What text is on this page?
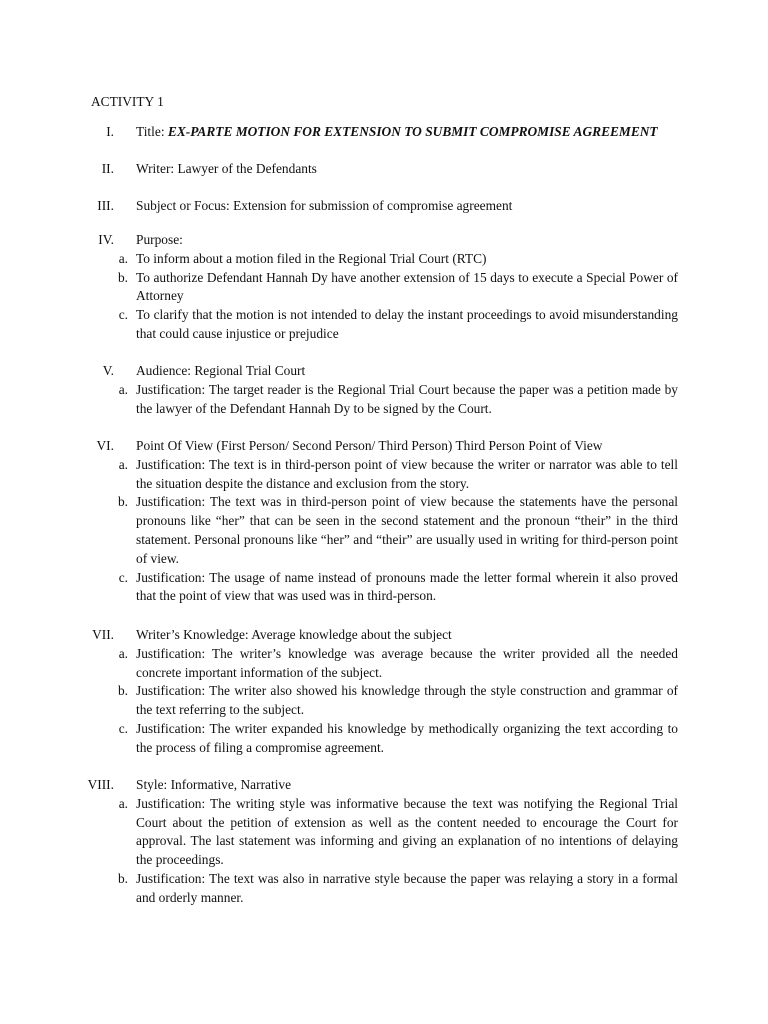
ACTIVITY 1
I. Title: EX-PARTE MOTION FOR EXTENSION TO SUBMIT COMPROMISE AGREEMENT
II. Writer: Lawyer of the Defendants
III. Subject or Focus: Extension for submission of compromise agreement
IV. Purpose:
a. To inform about a motion filed in the Regional Trial Court (RTC)
b. To authorize Defendant Hannah Dy have another extension of 15 days to execute a Special Power of Attorney
c. To clarify that the motion is not intended to delay the instant proceedings to avoid misunderstanding that could cause injustice or prejudice
V. Audience: Regional Trial Court
a. Justification: The target reader is the Regional Trial Court because the paper was a petition made by the lawyer of the Defendant Hannah Dy to be signed by the Court.
VI. Point Of View (First Person/ Second Person/ Third Person) Third Person Point of View
a. Justification: The text is in third-person point of view because the writer or narrator was able to tell the situation despite the distance and exclusion from the story.
b. Justification: The text was in third-person point of view because the statements have the personal pronouns like “her” that can be seen in the second statement and the pronoun “their” in the third statement. Personal pronouns like “her” and “their” are usually used in writing for third-person point of view.
c. Justification: The usage of name instead of pronouns made the letter formal wherein it also proved that the point of view that was used was in third-person.
VII. Writer’s Knowledge: Average knowledge about the subject
a. Justification: The writer’s knowledge was average because the writer provided all the needed concrete important information of the subject.
b. Justification: The writer also showed his knowledge through the style construction and grammar of the text referring to the subject.
c. Justification: The writer expanded his knowledge by methodically organizing the text according to the process of filing a compromise agreement.
VIII. Style: Informative, Narrative
a. Justification: The writing style was informative because the text was notifying the Regional Trial Court about the petition of extension as well as the content needed to encourage the Court for approval. The last statement was informing and giving an explanation of no intentions of delaying the proceedings.
b. Justification: The text was also in narrative style because the paper was relaying a story in a formal and orderly manner.
